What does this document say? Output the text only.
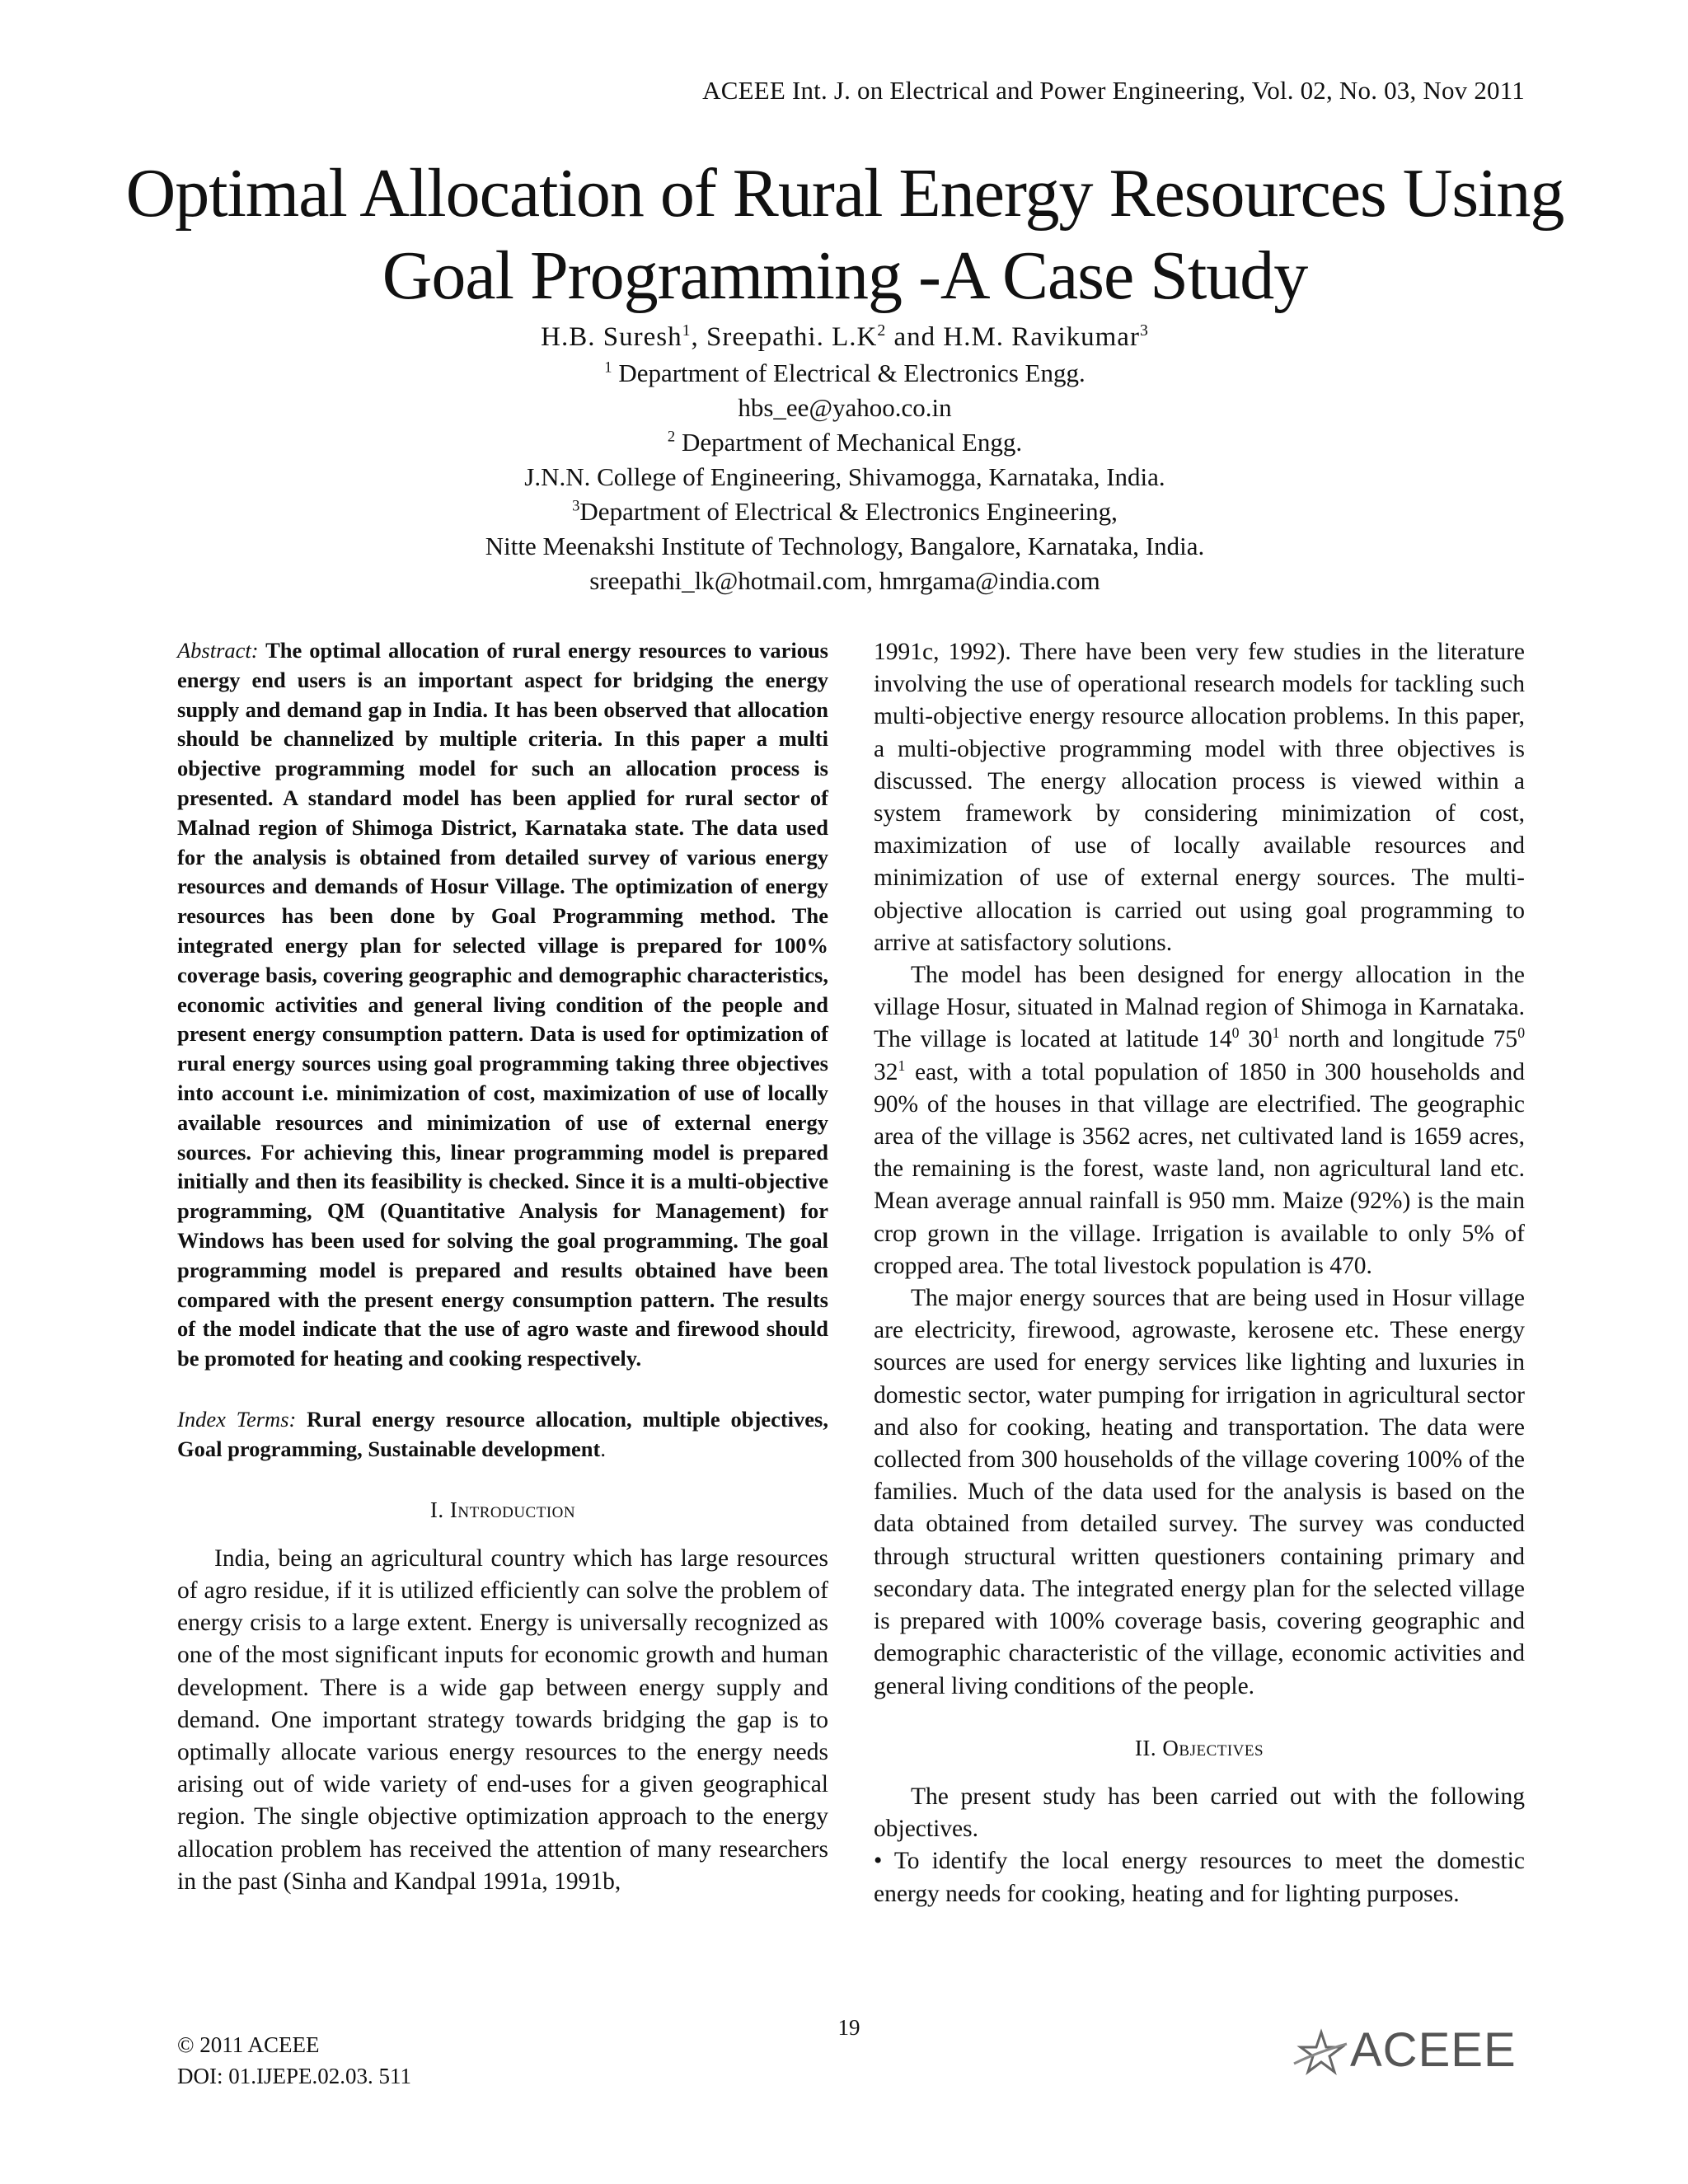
ACEEE Int. J. on Electrical and Power Engineering, Vol. 02, No. 03, Nov 2011
Optimal Allocation of Rural Energy Resources Using
Goal Programming -A Case Study
H.B. Suresh$^1$, Sreepathi. $L.K^2$ and H.M. Ravikumar$^3$
$^1$ Department of Electrical & Electronics Engg.
hbs_ee@yahoo.co.in
$^2$ Department of Mechanical Engg.
J.N.N. College of Engineering, Shivamogga, Karnataka, India.
$^3$Department of Electrical & Electronics Engineering,
Nitte Meenakshi Institute of Technology, Bangalore, Karnataka, India.
sreepathi_lk@hotmail.com, hmrgama@india.com

Abstract: The optimal allocation of rural energy resources to various energy end users is an important aspect for bridging the energy supply and demand gap in India. It has been observed that allocation should be channelized by multiple criteria. In this paper a multi objective programming model for such an allocation process is presented. A standard model has been applied for rural sector of Malnad region of Shimoga District, Karnataka state. The data used for the analysis is obtained from detailed survey of various energy resources and demands of Hosur Village. The optimization of energy resources has been done by Goal Programming method. The integrated energy plan for selected village is prepared for 100% coverage basis, covering geographic and demographic characteristics, economic activities and general living condition of the people and present energy consumption pattern. Data is used for optimization of rural energy sources using goal programming taking three objectives into account i.e. minimization of cost, maximization of use of locally available resources and minimization of use of external energy sources. For achieving this, linear programming model is prepared initially and then its feasibility is checked. Since it is a multi-objective programming, QM (Quantitative Analysis for Management) for Windows has been used for solving the goal programming. The goal programming model is prepared and results obtained have been compared with the present energy consumption pattern. The results of the model indicate that the use of agro waste and firewood should be promoted for heating and cooking respectively.

Index Terms: Rural energy resource allocation, multiple objectives, Goal programming, Sustainable development.

I. Introduction

India, being an agricultural country which has large resources of agro residue, if it is utilized efficiently can solve the problem of energy crisis to a large extent. Energy is universally recognized as one of the most significant inputs for economic growth and human development. There is a wide gap between energy supply and demand. One important strategy towards bridging the gap is to optimally allocate various energy resources to the energy needs arising out of wide variety of end-uses for a given geographical region. The single objective optimization approach to the energy allocation problem has received the attention of many researchers in the past (Sinha and Kandpal 1991a, 1991b,

1991c, 1992). There have been very few studies in the literature involving the use of operational research models for tackling such multi-objective energy resource allocation problems. In this paper, a multi-objective programming model with three objectives is discussed. The energy allocation process is viewed within a system framework by considering minimization of cost, maximization of use of locally available resources and minimization of use of external energy sources. The multi-objective allocation is carried out using goal programming to arrive at satisfactory solutions.

The model has been designed for energy allocation in the village Hosur, situated in Malnad region of Shimoga in Karnataka. The village is located at latitude $14^0$ $30^1$ north and longitude $75^0$ $32^1$ east, with a total population of 1850 in 300 households and 90% of the houses in that village are electrified. The geographic area of the village is 3562 acres, net cultivated land is 1659 acres, the remaining is the forest, waste land, non agricultural land etc. Mean average annual rainfall is 950 mm. Maize (92%) is the main crop grown in the village. Irrigation is available to only 5% of cropped area. The total livestock population is 470.

The major energy sources that are being used in Hosur village are electricity, firewood, agrowaste, kerosene etc. These energy sources are used for energy services like lighting and luxuries in domestic sector, water pumping for irrigation in agricultural sector and also for cooking, heating and transportation. The data were collected from 300 households of the village covering 100% of the families. Much of the data used for the analysis is based on the data obtained from detailed survey. The survey was conducted through structural written questioners containing primary and secondary data. The integrated energy plan for the selected village is prepared with 100% coverage basis, covering geographic and demographic characteristic of the village, economic activities and general living conditions of the people.

II. Objectives

The present study has been carried out with the following objectives.

• To identify the local energy resources to meet the domestic energy needs for cooking, heating and for lighting purposes.

19
© 2011 ACEEE
DOI: 01.IJEPE.02.03. 511	ACEEE
